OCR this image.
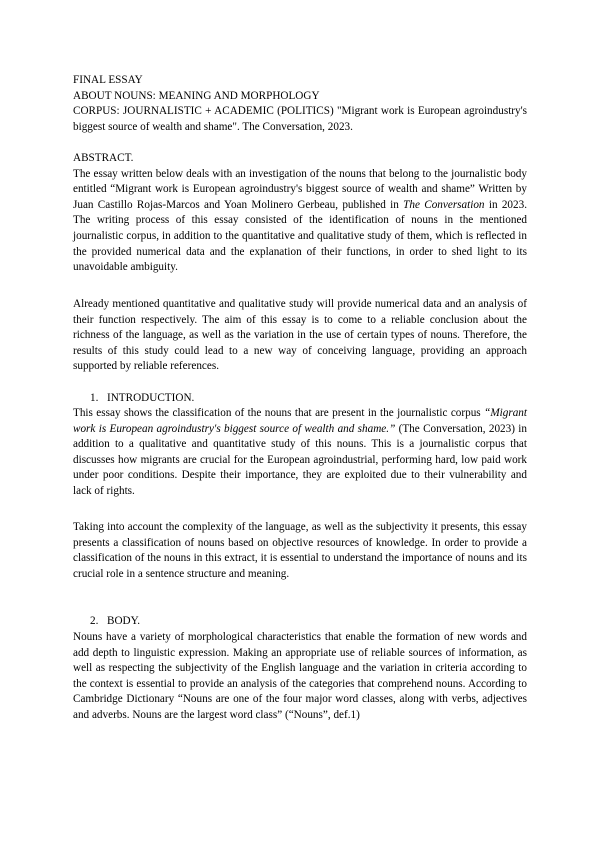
FINAL ESSAY
ABOUT NOUNS: MEANING AND MORPHOLOGY
CORPUS: JOURNALISTIC + ACADEMIC (POLITICS) "Migrant work is European agroindustry's biggest source of wealth and shame". The Conversation, 2023.
ABSTRACT.
The essay written below deals with an investigation of the nouns that belong to the journalistic body entitled “Migrant work is European agroindustry's biggest source of wealth and shame” Written by Juan Castillo Rojas-Marcos and Yoan Molinero Gerbeau, published in The Conversation in 2023. The writing process of this essay consisted of the identification of nouns in the mentioned journalistic corpus, in addition to the quantitative and qualitative study of them, which is reflected in the provided numerical data and the explanation of their functions, in order to shed light to its unavoidable ambiguity.
Already mentioned quantitative and qualitative study will provide numerical data and an analysis of their function respectively. The aim of this essay is to come to a reliable conclusion about the richness of the language, as well as the variation in the use of certain types of nouns. Therefore, the results of this study could lead to a new way of conceiving language, providing an approach supported by reliable references.
1. INTRODUCTION.
This essay shows the classification of the nouns that are present in the journalistic corpus “Migrant work is European agroindustry's biggest source of wealth and shame.” (The Conversation, 2023) in addition to a qualitative and quantitative study of this nouns. This is a journalistic corpus that discusses how migrants are crucial for the European agroindustrial, performing hard, low paid work under poor conditions. Despite their importance, they are exploited due to their vulnerability and lack of rights.
Taking into account the complexity of the language, as well as the subjectivity it presents, this essay presents a classification of nouns based on objective resources of knowledge. In order to provide a classification of the nouns in this extract, it is essential to understand the importance of nouns and its crucial role in a sentence structure and meaning.
2. BODY.
Nouns have a variety of morphological characteristics that enable the formation of new words and add depth to linguistic expression. Making an appropriate use of reliable sources of information, as well as respecting the subjectivity of the English language and the variation in criteria according to the context is essential to provide an analysis of the categories that comprehend nouns. According to Cambridge Dictionary “Nouns are one of the four major word classes, along with verbs, adjectives and adverbs. Nouns are the largest word class” (“Nouns”, def.1)
